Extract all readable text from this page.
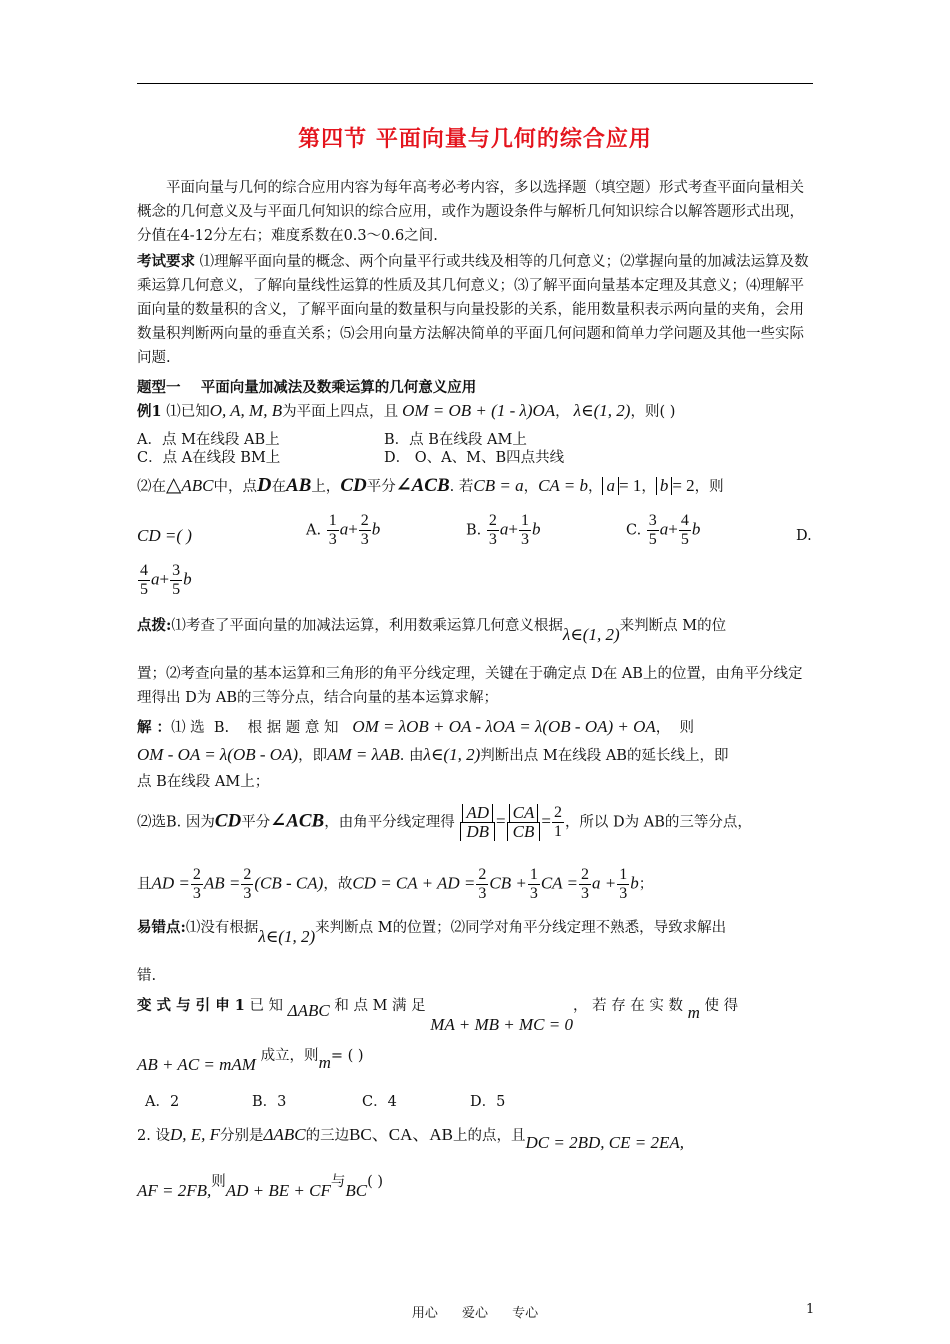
第四节 平面向量与几何的综合应用
平面向量与几何的综合应用内容为每年高考必考内容，多以选择题（填空题）形式考查平面向量相关概念的几何意义及与平面几何知识的综合应用，或作为题设条件与解析几何知识综合以解答题形式出现，分值在4-12分左右；难度系数在0.3～0.6之间.
考试要求 ⑴理解平面向量的概念、两个向量平行或共线及相等的几何意义；⑵掌握向量的加减法运算及数乘运算几何意义，了解向量线性运算的性质及其几何意义；⑶了解平面向量基本定理及其意义；⑷理解平面向量的数量积的含义，了解平面向量的数量积与向量投影的关系，能用数量积表示两向量的夹角，会用数量积判断两向量的垂直关系；⑸会用向量方法解决简单的平面几何问题和简单力学问题及其他一些实际问题.
题型一    平面向量加减法及数乘运算的几何意义应用
例1 ⑴已知O, A, M, B为平面上四点，且 OM = OB + (1 - λ)OA， λ∈(1, 2)，则( )
A．点 M在线段 AB上	B．点 B在线段 AM上
C．点 A在线段 BM上	D． O、A、M、B四点共线
⑵在△ABC中，点D在AB上，CD平分∠ACB. 若CB = a，CA = b， a = 1， b = 2，则
CD =( )	A. $\frac{1}{3} a+ \frac{2}{3}$ b	B. $\frac{2}{3} a+ \frac{1}{3}$ b	C. $\frac{3}{5} a+ \frac{4}{5}$ b	D.
$\frac{4}{5} a+ \frac{3}{5}$ b
点拨:⑴考查了平面向量的加减法运算，利用数乘运算几何意义根据λ∈(1, 2)来判断点 M的位
置；⑵考查向量的基本运算和三角形的角平分线定理，关键在于确定点 D在 AB上的位置，由角平分线定理得出 D为 AB的三等分点，结合向量的基本运算求解；
解 ：⑴ 选  B.    根 据 题 意 知 OM = λOB + OA - λOA = λ(OB - OA) + OA，  则
OM - OA = λ(OB - OA)，即AM = λAB. 由λ∈(1, 2)判断出点 M在线段 AB的延长线上，即
点 B在线段 AM上；
⑵选B. 因为CD平分∠ACB，由角平分线定理得 $\frac{AD}{DB} = \frac{CA}{CB} = \frac{2}{1}$ ，所以 D为 AB的三等分点，
且AD = $\frac{2}{3}$ AB = $\frac{2}{3} (CB - CA)$，故CD = CA + AD = $\frac{2}{3}$ CB + $\frac{1}{3}$ CA = $\frac{2}{3}$ $a + \frac{1}{3}$ b；
易错点:⑴没有根据λ∈(1, 2)来判断点 M的位置；⑵同学对角平分线定理不熟悉，导致求解出
错.
变 式 与 引 申 1 已 知 ΔABC 和 点 M 满 足 MA + MB + MC = 0， 若 存 在 实 数 m 使 得
AB + AC = mAM 成立，则m= ( )
A．2	B．3	C．4	D．5
2. 设D, E, F分别是ΔABC的三边BC、CA、AB上的点，且DC = 2BD, CE = 2EA,
AF = 2FB,则AD + BE + CF与BC( )
用心 爱心 专心	1
